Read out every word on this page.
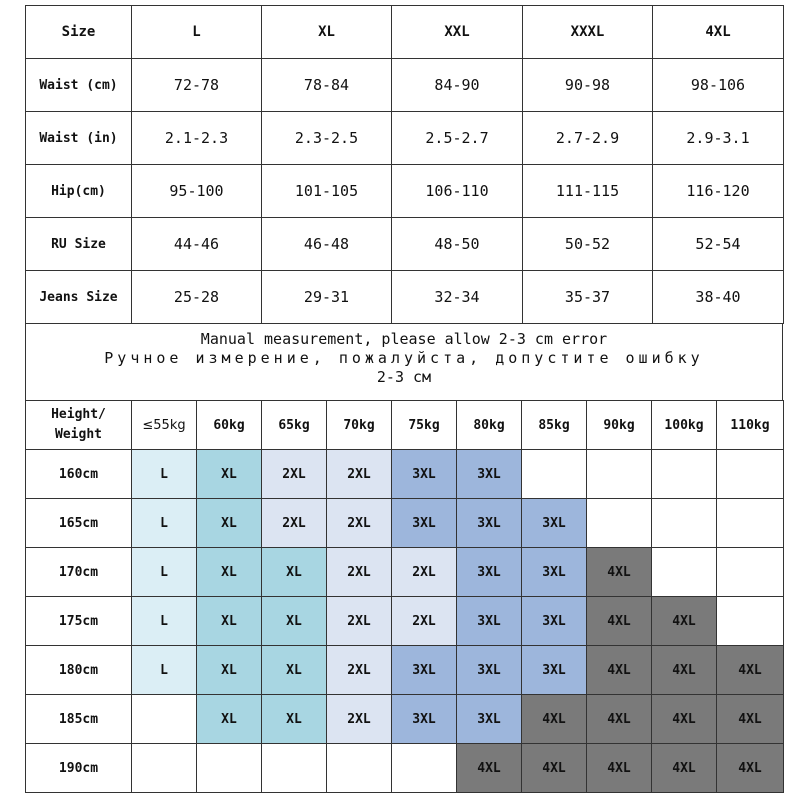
Size	L	XL	XXL	XXXL	4XL
Waist (cm)	72-78	78-84	84-90	90-98	98-106
Waist (in)	2.1-2.3	2.3-2.5	2.5-2.7	2.7-2.9	2.9-3.1
Hip(cm)	95-100	101-105	106-110	111-115	116-120
RU Size	44-46	46-48	48-50	50-52	52-54
Jeans Size	25-28	29-31	32-34	35-37	38-40
Manual measurement, please allow 2-3 cm error
Ручное измерение, пожалуйста, допустите ошибку
2-3 см
Height/
Weight	≤55kg	60kg	65kg	70kg	75kg	80kg	85kg	90kg	100kg	110kg
160cm	L	XL	2XL	2XL	3XL	3XL				
165cm	L	XL	2XL	2XL	3XL	3XL	3XL			
170cm	L	XL	XL	2XL	2XL	3XL	3XL	4XL		
175cm	L	XL	XL	2XL	2XL	3XL	3XL	4XL	4XL	
180cm	L	XL	XL	2XL	3XL	3XL	3XL	4XL	4XL	4XL
185cm		XL	XL	2XL	3XL	3XL	4XL	4XL	4XL	4XL
190cm						4XL	4XL	4XL	4XL	4XL
